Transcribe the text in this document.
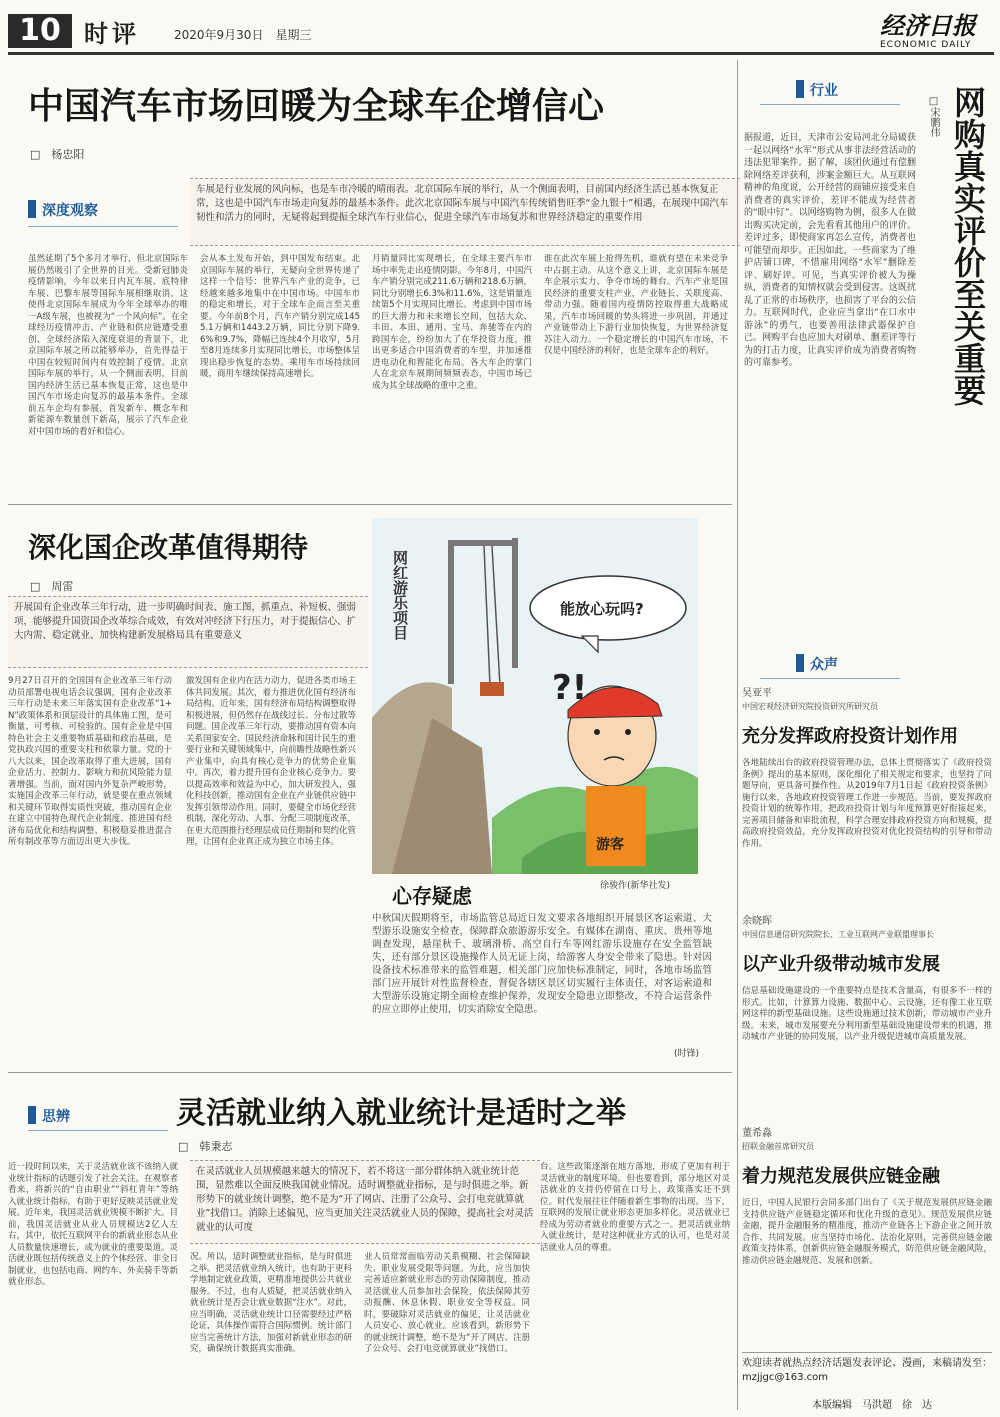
10 时评	2020年9月30日　 星期三	经济日报
ECONOMIC DAILY
中国汽车市场回暖为全球车企增信心
□　杨忠阳
深度观察
车展是行业发展的风向标，也是车市冷暖的晴雨表。北京国际车展的举行，从一个侧面表明，目前国内经济生活已基本恢复正常，这也是中国汽车市场走向复苏的最基本条件。此次北京国际车展与中国汽车传统销售旺季“金九银十”相遇，在展现中国汽车韧性和活力的同时，无疑将起到提振全球汽车行业信心，促进全球汽车市场复苏和世界经济稳定的重要作用
虽然延期了5个多月才举行，但北京国际车展仍然吸引了全世界的目光。受新冠肺炎疫情影响，今年以来日内瓦车展、底特律车展、巴黎车展等国际车展相继取消，这使得北京国际车展成为今年全球举办的唯一A级车展，也被视为“一个风向标”。在全球经历疫情冲击、产业链和供应链遭受重创、全球经济陷入深度衰退的背景下，北京国际车展之所以能够举办，首先得益于中国在较短时间内有效控制了疫情。北京国际车展的举行，从一个侧面表明，目前国内经济生活已基本恢复正常，这也是中国汽车市场走向复苏的最基本条件。全球前五车企均有参展，首发新车、概念车和新能源车数量创下新高，展示了汽车企业对中国市场的看好和信心。
会从本土发布开始，到中国发布结束。北京国际车展的举行，无疑向全世界传递了这样一个信号：世界汽车产业的竞争，已经越来越多地集中在中国市场。中国车市的稳定和增长，对于全球车企而言至关重要。今年前8个月，汽车产销分别完成1455.1万辆和1443.2万辆，同比分别下降9.6%和9.7%，降幅已连续4个月收窄，5月至8月连续多月实现同比增长，市场整体呈现出稳步恢复的态势。乘用车市场持续回暖，商用车继续保持高速增长。
月销量同比实现增长，在全球主要汽车市场中率先走出疫情阴影。今年8月，中国汽车产销分别完成211.6万辆和218.6万辆，同比分别增长6.3%和11.6%，这是销量连续第5个月实现同比增长。考虑到中国市场的巨大潜力和未来增长空间，包括大众、丰田、本田、通用、宝马、奔驰等在内的跨国车企，纷纷加大了在华投资力度，推出更多适合中国消费者的车型，并加速推进电动化和智能化布局。各大车企的掌门人在北京车展期间频频表态，中国市场已成为其全球战略的重中之重。
谁在此次车展上抢得先机，谁就有望在未来竞争中占据主动。从这个意义上讲，北京国际车展是车企展示实力、争夺市场的舞台。汽车产业是国民经济的重要支柱产业，产业链长、关联度高、带动力强。随着国内疫情防控取得重大战略成果，汽车市场回暖的势头将进一步巩固，并通过产业链带动上下游行业加快恢复，为世界经济复苏注入动力。一个稳定增长的中国汽车市场，不仅是中国经济的利好，也是全球车企的利好。
深化国企改革值得期待
□　周雷
开展国有企业改革三年行动，进一步明确时间表、施工图，抓重点、补短板、强弱项，能够提升国资国企改革综合成效，有效对冲经济下行压力，对于提振信心、扩大内需、稳定就业、加快构建新发展格局具有重要意义
9月27日召开的全国国有企业改革三年行动动员部署电视电话会议强调，国有企业改革三年行动是未来三年落实国有企业改革“1+N”政策体系和顶层设计的具体施工图，是可衡量、可考核、可检验的。国有企业是中国特色社会主义重要物质基础和政治基础，是党执政兴国的重要支柱和依靠力量。党的十八大以来，国企改革取得了重大进展，国有企业活力、控制力、影响力和抗风险能力显著增强。当前，面对国内外复杂严峻形势，实施国企改革三年行动，就是要在重点领域和关键环节取得实质性突破，推动国有企业在建立中国特色现代企业制度、推进国有经济布局优化和结构调整、积极稳妥推进混合所有制改革等方面迈出更大步伐。
激发国有企业内在活力动力，促进各类市场主体共同发展。其次，着力推进优化国有经济布局结构。近年来，国有经济布局结构调整取得积极进展，但仍然存在战线过长、分布过散等问题。国企改革三年行动，要推动国有资本向关系国家安全、国民经济命脉和国计民生的重要行业和关键领域集中，向前瞻性战略性新兴产业集中，向具有核心竞争力的优势企业集中。再次，着力提升国有企业核心竞争力。要以提高效率和效益为中心，加大研发投入，强化科技创新，推动国有企业在产业链供应链中发挥引领带动作用。同时，要健全市场化经营机制，深化劳动、人事、分配三项制度改革，在更大范围推行经理层成员任期制和契约化管理，让国有企业真正成为独立市场主体。
网红游乐项目	能放心玩吗?
?!
游客
徐骏作(新华社发)
心存疑虑
中秋国庆假期将至，市场监管总局近日发文要求各地组织开展景区客运索道、大型游乐设施安全检查，保障群众旅游游乐安全。有媒体在湖南、重庆、贵州等地调查发现，悬崖秋千、玻璃滑桥、高空自行车等网红游乐设施存在安全监管缺失，还有部分景区设施操作人员无证上岗，给游客人身安全带来了隐患。针对因设备技术标准带来的监管难题，相关部门应加快标准制定，同时，各地市场监管部门应开展针对性监督检查，督促各辖区景区切实履行主体责任，对客运索道和大型游乐设施定期全面检查维护保养，发现安全隐患立即整改，不符合运营条件的应立即停止使用，切实消除安全隐患。
(时锋)
思辨	灵活就业纳入就业统计是适时之举
□　韩秉志
在灵活就业人员规模越来越大的情况下，若不将这一部分群体纳入就业统计范围，显然难以全面反映我国就业情况。适时调整就业指标，是与时俱进之举。新形势下的就业统计调整，绝不是为“开了网店、注册了公众号、会打电竞就算就业”找借口。消除上述偏见，应当更加关注灵活就业人员的保障，提高社会对灵活就业的认可度
近一段时间以来，关于灵活就业该不该纳入就业统计指标的话题引发了社会关注。在观察者看来，将新兴的“自由职业”“斜杠青年”等纳入就业统计指标，有助于更好反映灵活就业发展。近年来，我国灵活就业规模不断扩大。目前，我国灵活就业从业人员规模达2亿人左右，其中，依托互联网平台的新就业形态从业人员数量快速增长，成为就业的重要渠道。灵活就业既包括传统意义上的个体经营、非全日制就业，也包括电商、网约车、外卖骑手等新就业形态。
况。所以，适时调整就业指标，是与时俱进之举。把灵活就业纳入统计，也有助于更科学地制定就业政策，更精准地提供公共就业服务。不过，也有人质疑，把灵活就业纳入就业统计是否会让就业数据“注水”。对此，应当明确，灵活就业统计口径需要经过严格论证，具体操作需符合国际惯例。统计部门应当完善统计方法，加强对新就业形态的研究，确保统计数据真实准确。
业人员常常面临劳动关系模糊、社会保障缺失、职业发展受限等问题。为此，应当加快完善适应新就业形态的劳动保障制度，推动灵活就业人员参加社会保险，依法保障其劳动报酬、休息休假、职业安全等权益。同时，要破除对灵活就业的偏见，让灵活就业人员安心、放心就业。应该看到，新形势下的就业统计调整，绝不是为“开了网店、注册了公众号、会打电竞就算就业”找借口。
台。这些政策逐渐在地方落地，形成了更加有利于灵活就业的制度环境。但也要看到，部分地区对灵活就业的支持仍停留在口号上，政策落实还不到位。时代发展往往伴随着新生事物的出现。当下，互联网的发展让就业形态更加多样化。灵活就业已经成为劳动者就业的重要方式之一。把灵活就业纳入就业统计，是对这种就业方式的认可，也是对灵活就业人员的尊重。
行业
□宋鹏伟 网购真实评价至关重要
据报道，近日，天津市公安局河北分局破获一起以网络“水军”形式从事非法经营活动的违法犯罪案件。据了解，该团伙通过有偿删除网络差评获利，涉案金额巨大。从互联网精神的角度说，公开经营的商铺应接受来自消费者的真实评价，差评不能成为经营者的“眼中钉”。以网络购物为例，很多人在做出购买决定前，会先看看其他用户的评价。差评过多，即使商家再怎么宣传，消费者也可能望而却步。正因如此，一些商家为了维护店铺口碑，不惜雇用网络“水军”删除差评、刷好评。可见，当真实评价被人为操纵，消费者的知情权就会受到侵害。这既扰乱了正常的市场秩序，也损害了平台的公信力。互联网时代，企业应当拿出“在口水中游泳”的勇气，也要善用法律武器保护自己。网购平台也应加大对刷单、删差评等行为的打击力度，让真实评价成为消费者购物的可靠参考。
众声
吴亚平
中国宏观经济研究院投资研究所研究员
充分发挥政府投资计划作用
各地陆续出台的政府投资管理办法，总体上贯彻落实了《政府投资条例》提出的基本原则，深化细化了相关规定和要求，也坚持了问题导向，更具备可操作性。从2019年7月1日起《政府投资条例》施行以来，各地政府投资管理工作进一步规范。当前，要发挥政府投资计划的统筹作用，把政府投资计划与年度预算更好衔接起来，完善项目储备和审批流程，科学合理安排政府投资方向和规模，提高政府投资效益，充分发挥政府投资对优化投资结构的引导和带动作用。
余晓晖
中国信息通信研究院院长、工业互联网产业联盟理事长
以产业升级带动城市发展
信息基础设施建设的一个重要特点是技术含量高，有很多不一样的形式。比如，计算算力设施、数据中心、云设施，还有像工业互联网这样的新型基础设施。这些设施通过技术创新，带动城市产业升级。未来，城市发展要充分利用新型基础设施建设带来的机遇，推动城市产业链的协同发展，以产业升级促进城市高质量发展。
董希淼
招联金融首席研究员
着力规范发展供应链金融
近日，中国人民银行会同多部门出台了《关于规范发展供应链金融 支持供应链产业链稳定循环和优化升级的意见》。规范发展供应链金融，提升金融服务的精准度，推动产业链各上下游企业之间开放合作、共同发展。应当坚持市场化、法治化原则，完善供应链金融政策支持体系，创新供应链金融服务模式，防范供应链金融风险，推动供应链金融规范、发展和创新。
欢迎读者就热点经济话题发表评论、漫画，来稿请发至：mzjjgc@163.com
本版编辑　马洪超　徐　达
